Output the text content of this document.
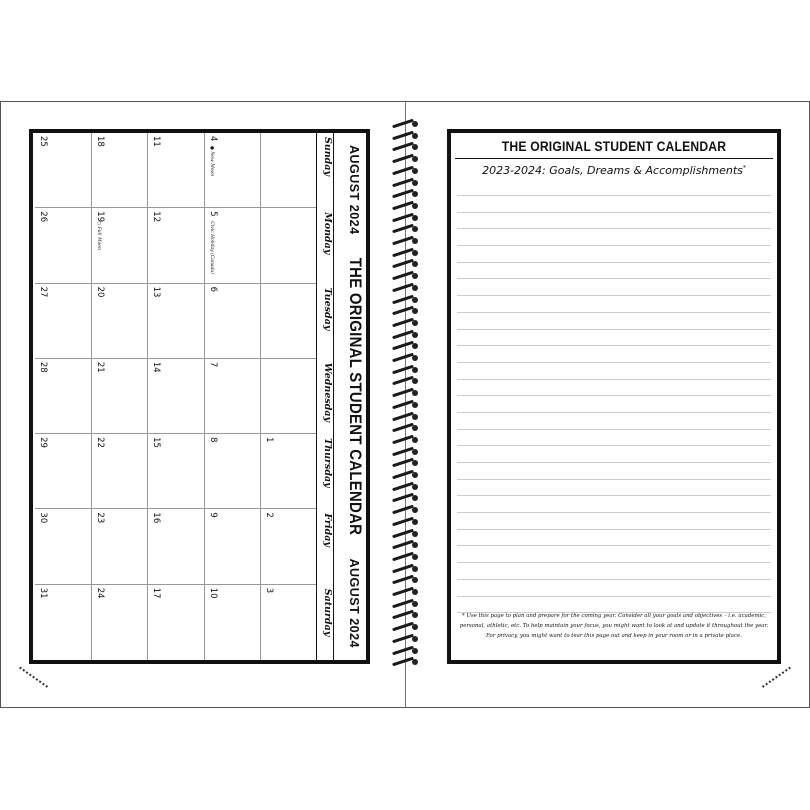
AUGUST 2024
THE ORIGINAL STUDENT CALENDAR
AUGUST 2024
Sunday
Monday
Tuesday
Wednesday
Thursday
Friday
Saturday
1
2
3
4
● New Moon
5
Civic Holiday (Canada)
6
7
8
9
10
11
12
13
14
15
16
17
18
19
○ Full Moon
20
21
22
23
24
25
26
27
28
29
30
31
THE ORIGINAL STUDENT CALENDAR
2023-2024: Goals, Dreams & Accomplishments*
* Use this page to plan and prepare for the coming year. Consider all your goals and objectives – i.e. academic,
personal, athletic, etc. To help maintain your focus, you might want to look at and update it throughout the year.
For privacy, you might want to tear this page out and keep in your room or in a private place.
